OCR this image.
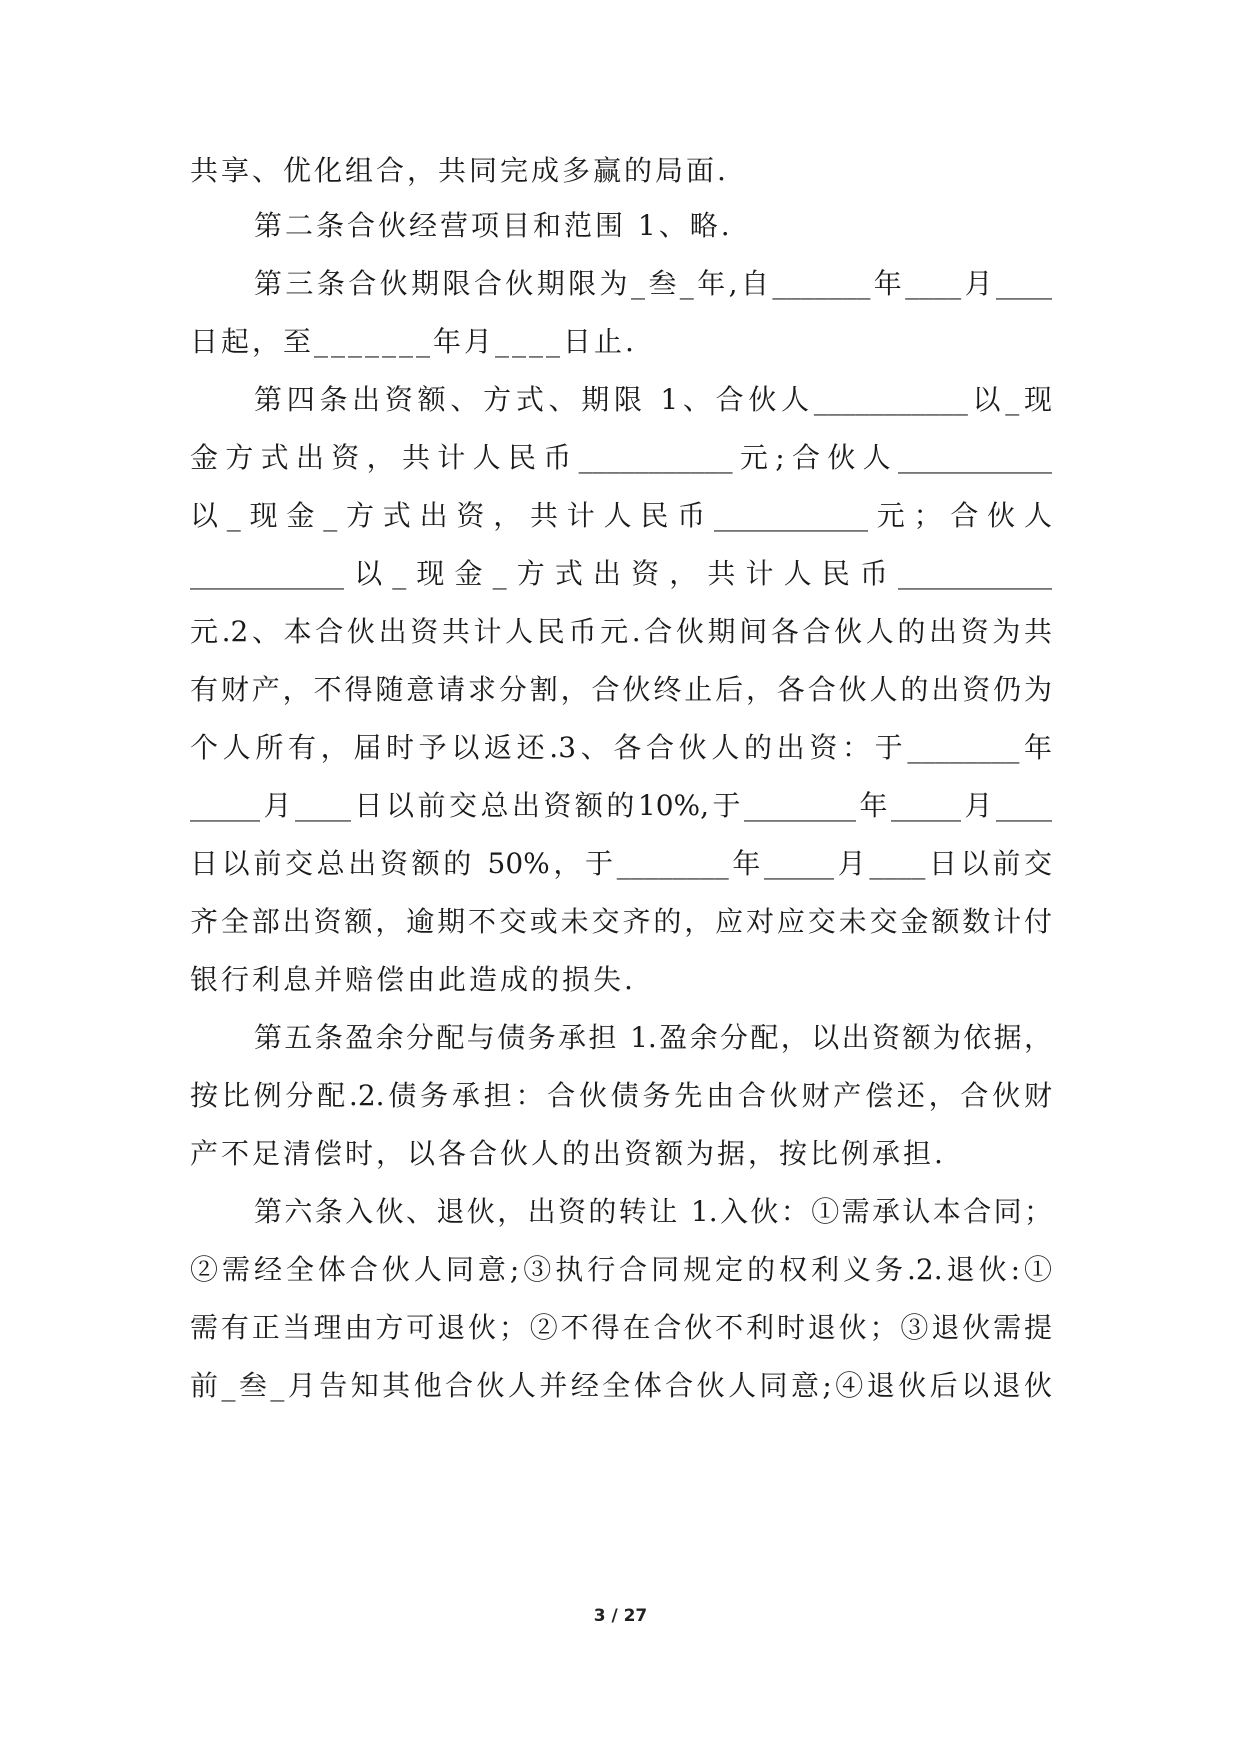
共享、优化组合，共同完成多赢的局面.
第二条合伙经营项目和范围 1、略.
第三条合伙期限合伙期限为_叁_年,自_______年____月____
日起，至_______年月____日止.
第四条出资额、方式、期限 1、合伙人___________以_现
金方式出资，共计人民币___________元;合伙人___________
以_现金_方式出资，共计人民币___________元；合伙人
___________以_现金_方式出资，共计人民币___________
元.2、本合伙出资共计人民币元.合伙期间各合伙人的出资为共
有财产，不得随意请求分割，合伙终止后，各合伙人的出资仍为
个人所有，届时予以返还.3、各合伙人的出资：于________年
_____月____日以前交总出资额的10%,于________年_____月____
日以前交总出资额的 50%，于________年_____月____日以前交
齐全部出资额，逾期不交或未交齐的，应对应交未交金额数计付
银行利息并赔偿由此造成的损失.
第五条盈余分配与债务承担 1.盈余分配，以出资额为依据，
按比例分配.2.债务承担：合伙债务先由合伙财产偿还，合伙财
产不足清偿时，以各合伙人的出资额为据，按比例承担.
第六条入伙、退伙，出资的转让 1.入伙：①需承认本合同；
②需经全体合伙人同意;③执行合同规定的权利义务.2.退伙:①
需有正当理由方可退伙；②不得在合伙不利时退伙；③退伙需提
前_叁_月告知其他合伙人并经全体合伙人同意;④退伙后以退伙
3 / 27
